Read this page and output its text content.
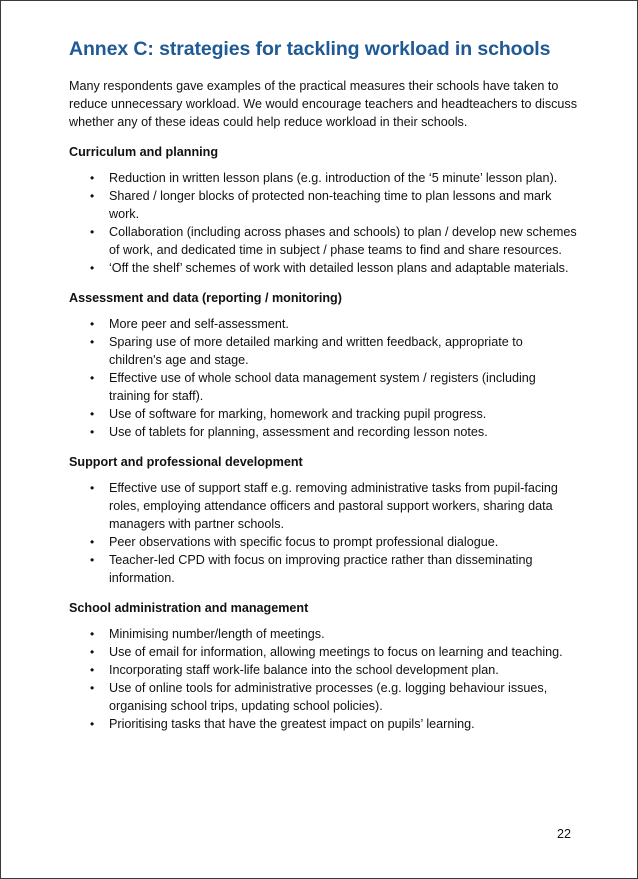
Annex C: strategies for tackling workload in schools

Many respondents gave examples of the practical measures their schools have taken to reduce unnecessary workload. We would encourage teachers and headteachers to discuss whether any of these ideas could help reduce workload in their schools.

Curriculum and planning
• Reduction in written lesson plans (e.g. introduction of the ‘5 minute’ lesson plan).
• Shared / longer blocks of protected non-teaching time to plan lessons and mark work.
• Collaboration (including across phases and schools) to plan / develop new schemes of work, and dedicated time in subject / phase teams to find and share resources.
• ‘Off the shelf’ schemes of work with detailed lesson plans and adaptable materials.
Assessment and data (reporting / monitoring)
• More peer and self-assessment.
• Sparing use of more detailed marking and written feedback, appropriate to children's age and stage.
• Effective use of whole school data management system / registers (including training for staff).
• Use of software for marking, homework and tracking pupil progress.
• Use of tablets for planning, assessment and recording lesson notes.
Support and professional development
• Effective use of support staff e.g. removing administrative tasks from pupil-facing roles, employing attendance officers and pastoral support workers, sharing data managers with partner schools.
• Peer observations with specific focus to prompt professional dialogue.
• Teacher-led CPD with focus on improving practice rather than disseminating information.
School administration and management
• Minimising number/length of meetings.
• Use of email for information, allowing meetings to focus on learning and teaching.
• Incorporating staff work-life balance into the school development plan.
• Use of online tools for administrative processes (e.g. logging behaviour issues, organising school trips, updating school policies).
• Prioritising tasks that have the greatest impact on pupils’ learning.
22
